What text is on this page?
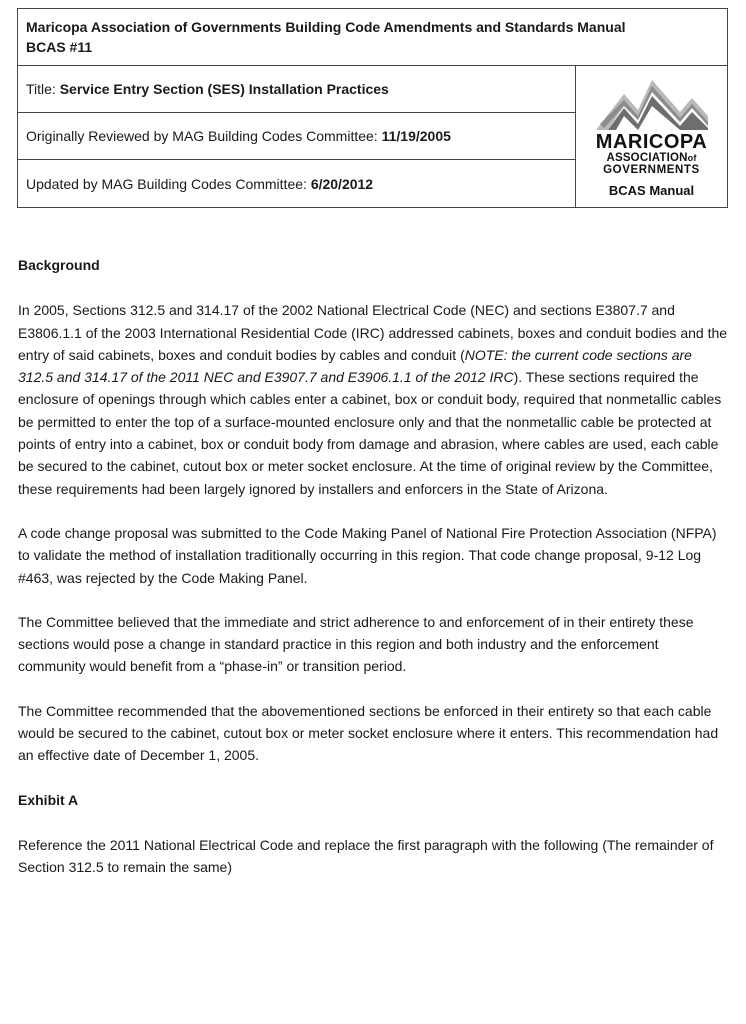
Maricopa Association of Governments Building Code Amendments and Standards Manual
BCAS #11
Title:
Service Entry Section (SES) Installation Practices
Originally Reviewed by MAG Building Codes Committee:
11/19/2005
Updated by MAG Building Codes Committee:
6/20/2012
MARICOPA
ASSOCIATIONof
GOVERNMENTS
BCAS Manual

Background

In 2005, Sections 312.5 and 314.17 of the 2002 National Electrical Code (NEC) and sections E3807.7 and E3806.1.1 of the 2003 International Residential Code (IRC) addressed cabinets, boxes and conduit bodies and the entry of said cabinets, boxes and conduit bodies by cables and conduit (NOTE: the current code sections are 312.5 and 314.17 of the 2011 NEC and E3907.7 and E3906.1.1 of the 2012 IRC). These sections required the enclosure of openings through which cables enter a cabinet, box or conduit body, required that nonmetallic cables be permitted to enter the top of a surface-mounted enclosure only and that the nonmetallic cable be protected at points of entry into a cabinet, box or conduit body from damage and abrasion, where cables are used, each cable be secured to the cabinet, cutout box or meter socket enclosure. At the time of original review by the Committee, these requirements had been largely ignored by installers and enforcers in the State of Arizona.

A code change proposal was submitted to the Code Making Panel of National Fire Protection Association (NFPA) to validate the method of installation traditionally occurring in this region. That code change proposal, 9-12 Log #463, was rejected by the Code Making Panel.

The Committee believed that the immediate and strict adherence to and enforcement of in their entirety these sections would pose a change in standard practice in this region and both industry and the enforcement community would benefit from a “phase-in” or transition period.

The Committee recommended that the abovementioned sections be enforced in their entirety so that each cable would be secured to the cabinet, cutout box or meter socket enclosure where it enters. This recommendation had an effective date of December 1, 2005.

Exhibit A

Reference the 2011 National Electrical Code and replace the first paragraph with the following (The remainder of Section 312.5 to remain the same)
